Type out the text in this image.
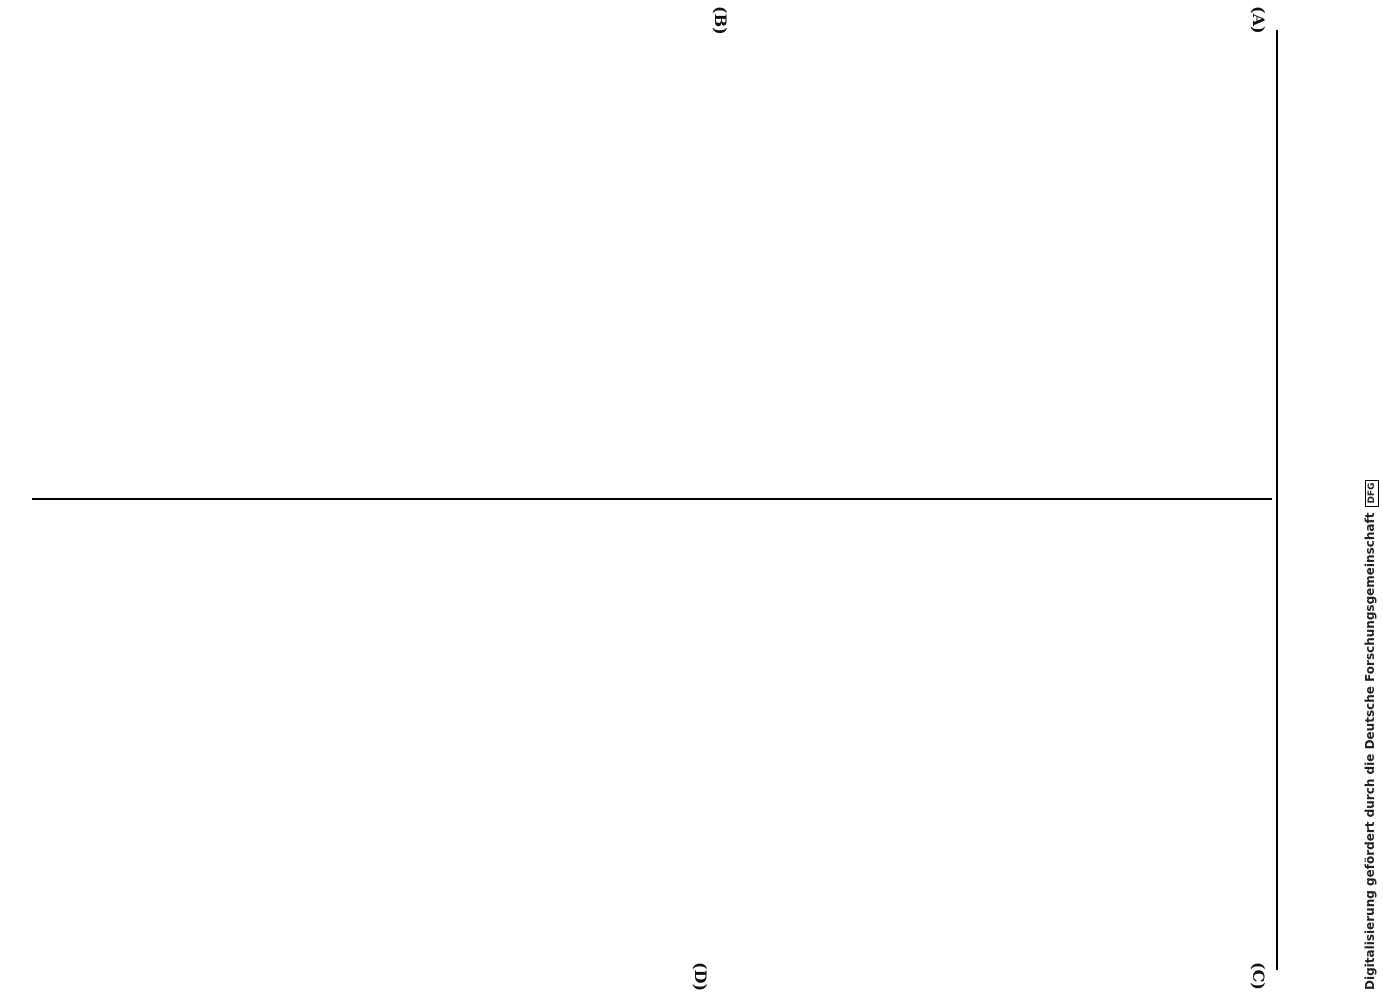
(A)
(B)
(C)
(D)	Digitalisierung gefördert durch die Deutsche ForschungsgemeinschaftDFG
